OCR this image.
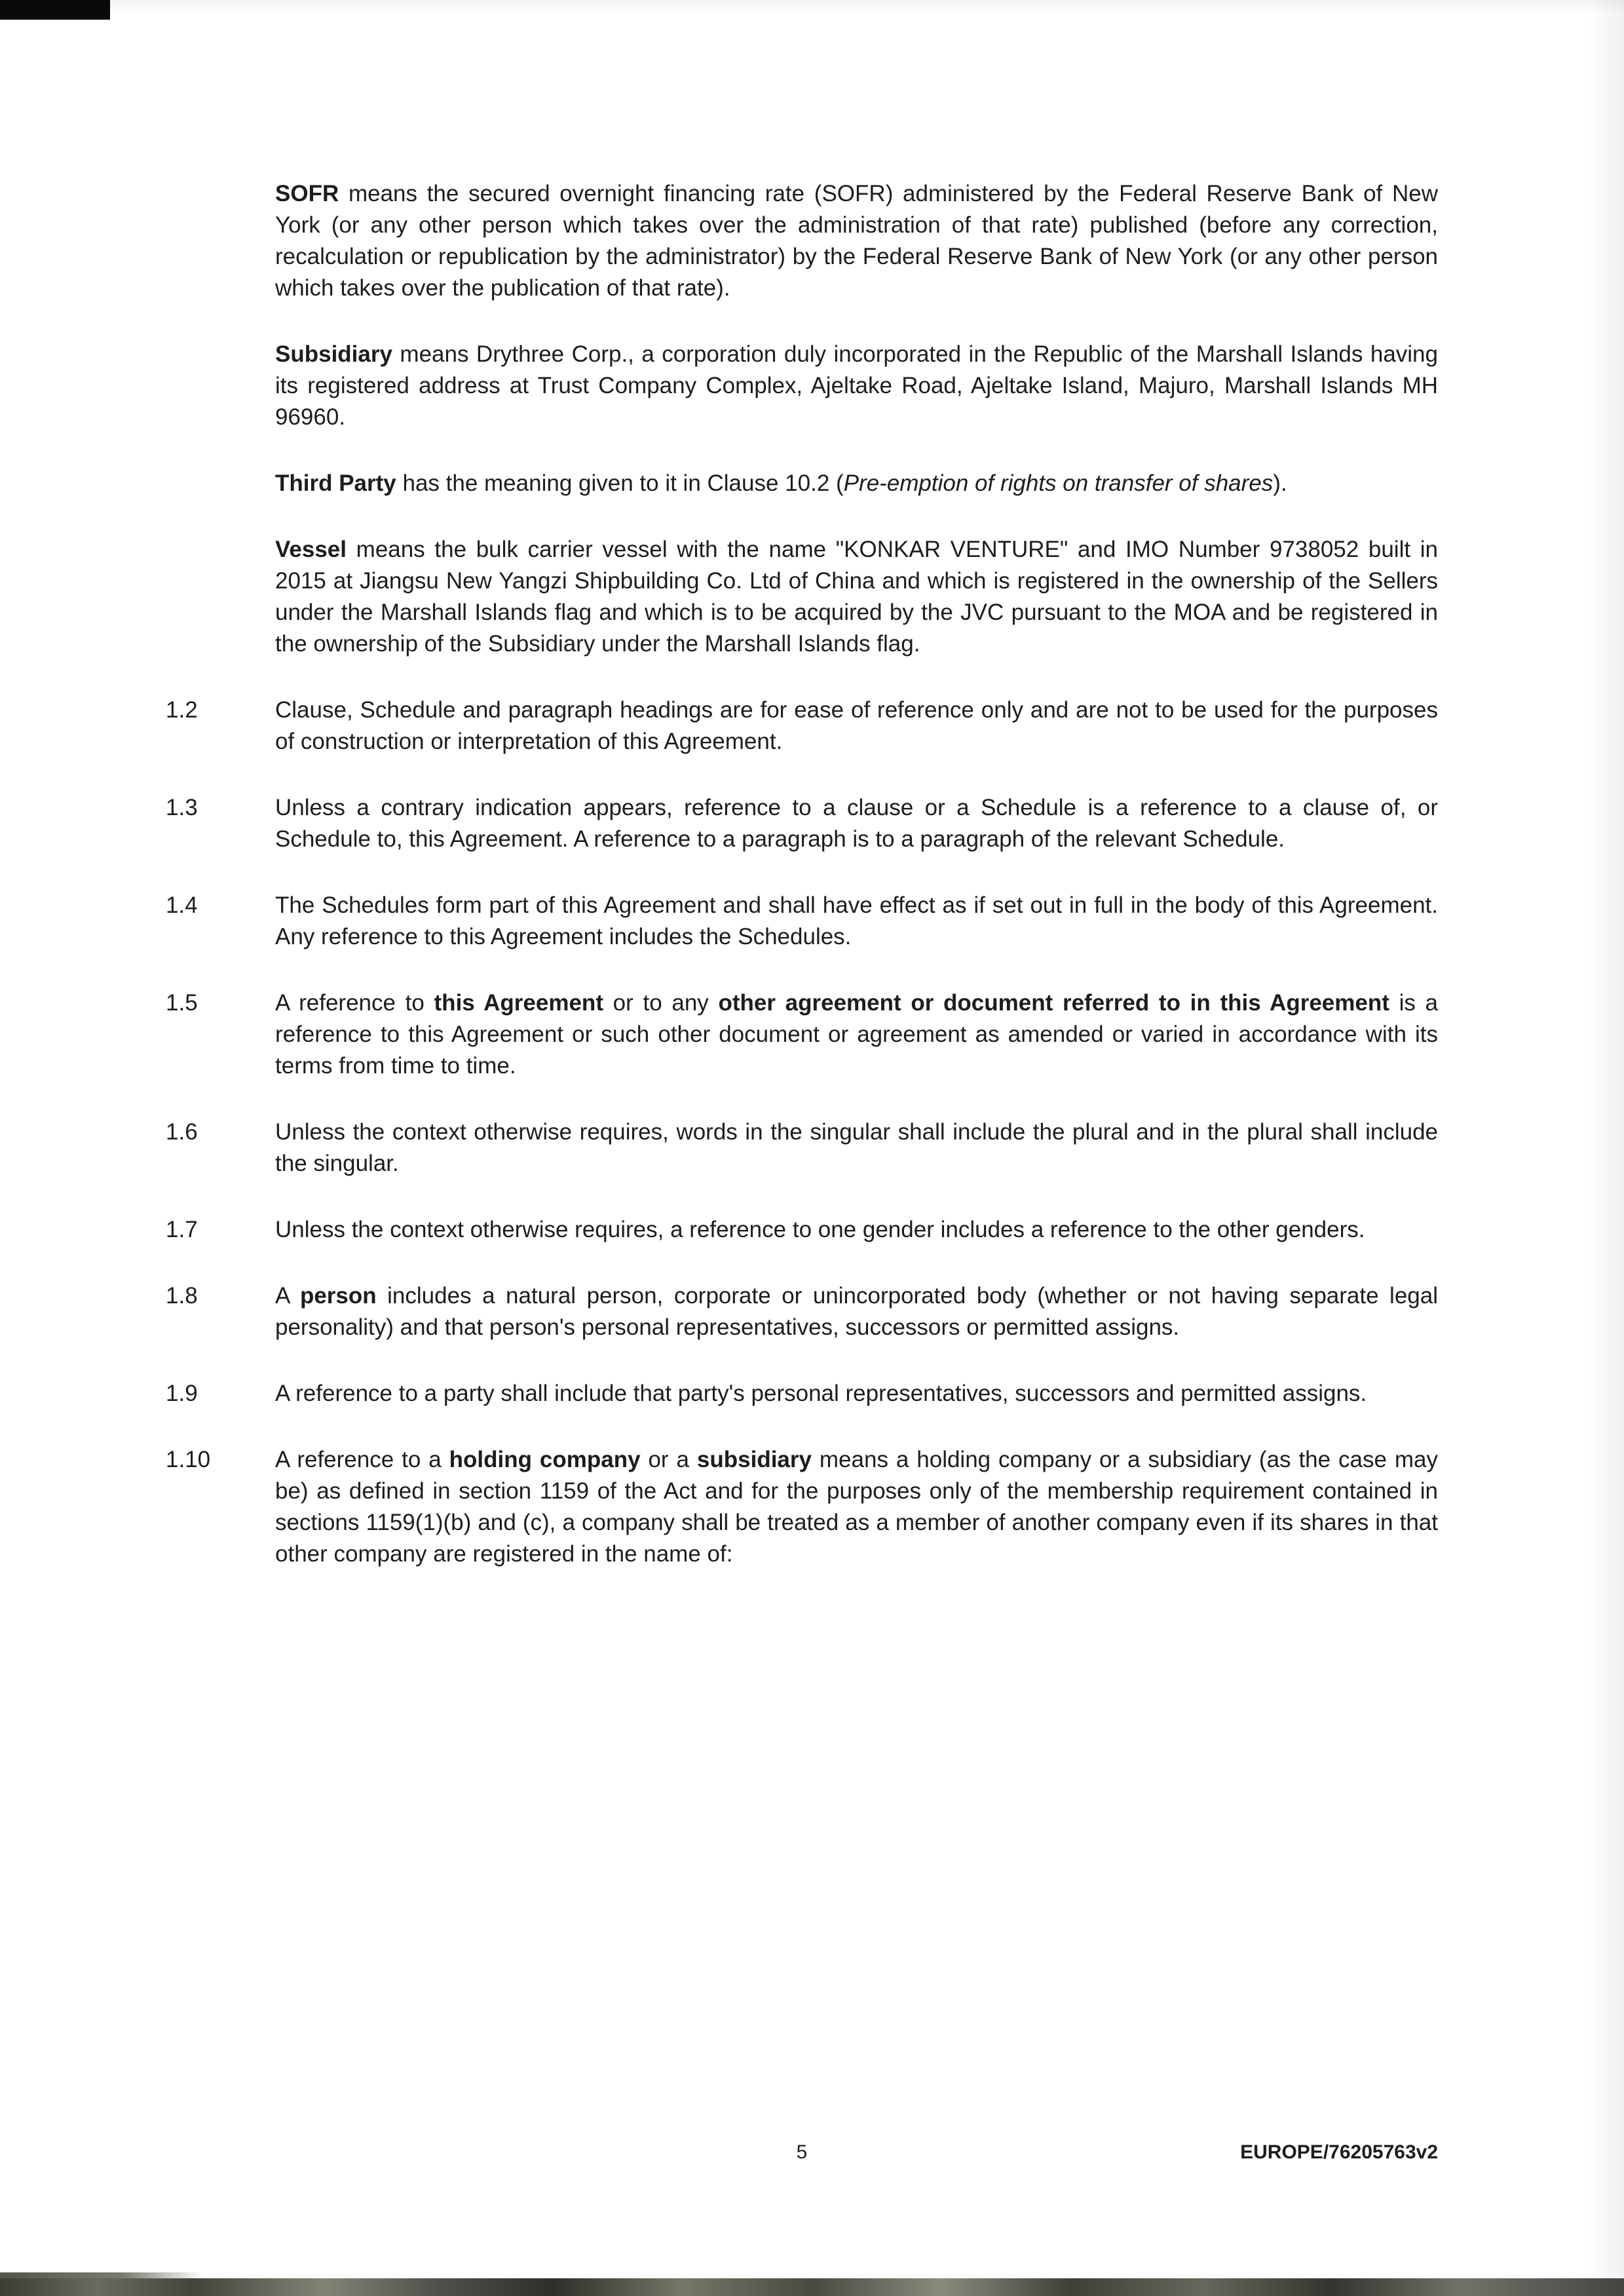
SOFR means the secured overnight financing rate (SOFR) administered by the Federal Reserve Bank of New York (or any other person which takes over the administration of that rate) published (before any correction, recalculation or republication by the administrator) by the Federal Reserve Bank of New York (or any other person which takes over the publication of that rate).
Subsidiary means Drythree Corp., a corporation duly incorporated in the Republic of the Marshall Islands having its registered address at Trust Company Complex, Ajeltake Road, Ajeltake Island, Majuro, Marshall Islands MH 96960.
Third Party has the meaning given to it in Clause 10.2 (Pre-emption of rights on transfer of shares).
Vessel means the bulk carrier vessel with the name "KONKAR VENTURE" and IMO Number 9738052 built in 2015 at Jiangsu New Yangzi Shipbuilding Co. Ltd of China and which is registered in the ownership of the Sellers under the Marshall Islands flag and which is to be acquired by the JVC pursuant to the MOA and be registered in the ownership of the Subsidiary under the Marshall Islands flag.
1.2	Clause, Schedule and paragraph headings are for ease of reference only and are not to be used for the purposes of construction or interpretation of this Agreement.
1.3	Unless a contrary indication appears, reference to a clause or a Schedule is a reference to a clause of, or Schedule to, this Agreement. A reference to a paragraph is to a paragraph of the relevant Schedule.
1.4	The Schedules form part of this Agreement and shall have effect as if set out in full in the body of this Agreement. Any reference to this Agreement includes the Schedules.
1.5	A reference to this Agreement or to any other agreement or document referred to in this Agreement is a reference to this Agreement or such other document or agreement as amended or varied in accordance with its terms from time to time.
1.6	Unless the context otherwise requires, words in the singular shall include the plural and in the plural shall include the singular.
1.7	Unless the context otherwise requires, a reference to one gender includes a reference to the other genders.
1.8	A person includes a natural person, corporate or unincorporated body (whether or not having separate legal personality) and that person's personal representatives, successors or permitted assigns.
1.9	A reference to a party shall include that party's personal representatives, successors and permitted assigns.
1.10	A reference to a holding company or a subsidiary means a holding company or a subsidiary (as the case may be) as defined in section 1159 of the Act and for the purposes only of the membership requirement contained in sections 1159(1)(b) and (c), a company shall be treated as a member of another company even if its shares in that other company are registered in the name of:
5	EUROPE/76205763v2
